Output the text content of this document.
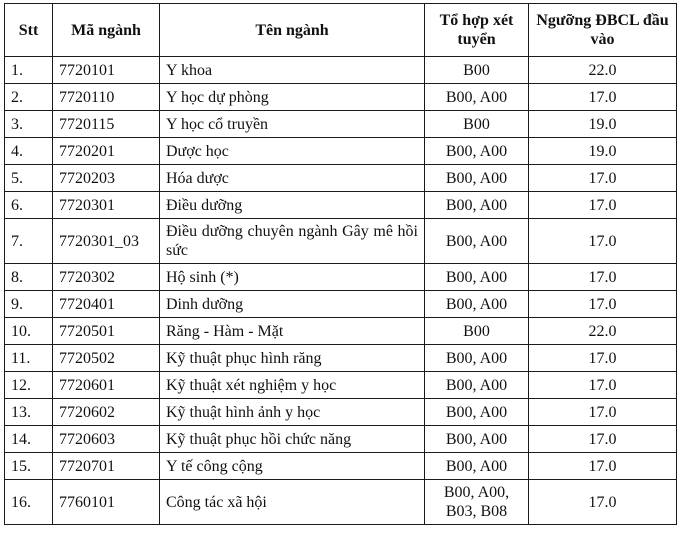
Stt	Mã ngành	Tên ngành	Tổ hợp xét tuyển	Ngưỡng ĐBCL đầu vào
1.	7720101	Y khoa	B00	22.0
2.	7720110	Y học dự phòng	B00, A00	17.0
3.	7720115	Y học cổ truyền	B00	19.0
4.	7720201	Dược học	B00, A00	19.0
5.	7720203	Hóa dược	B00, A00	17.0
6.	7720301	Điều dưỡng	B00, A00	17.0
7.	7720301_03	Điều dưỡng chuyên ngành Gây mê hồi sức	B00, A00	17.0
8.	7720302	Hộ sinh (*)	B00, A00	17.0
9.	7720401	Dinh dưỡng	B00, A00	17.0
10.	7720501	Răng - Hàm - Mặt	B00	22.0
11.	7720502	Kỹ thuật phục hình răng	B00, A00	17.0
12.	7720601	Kỹ thuật xét nghiệm y học	B00, A00	17.0
13.	7720602	Kỹ thuật hình ảnh y học	B00, A00	17.0
14.	7720603	Kỹ thuật phục hồi chức năng	B00, A00	17.0
15.	7720701	Y tế công cộng	B00, A00	17.0
16.	7760101	Công tác xã hội	B00, A00, B03, B08	17.0
